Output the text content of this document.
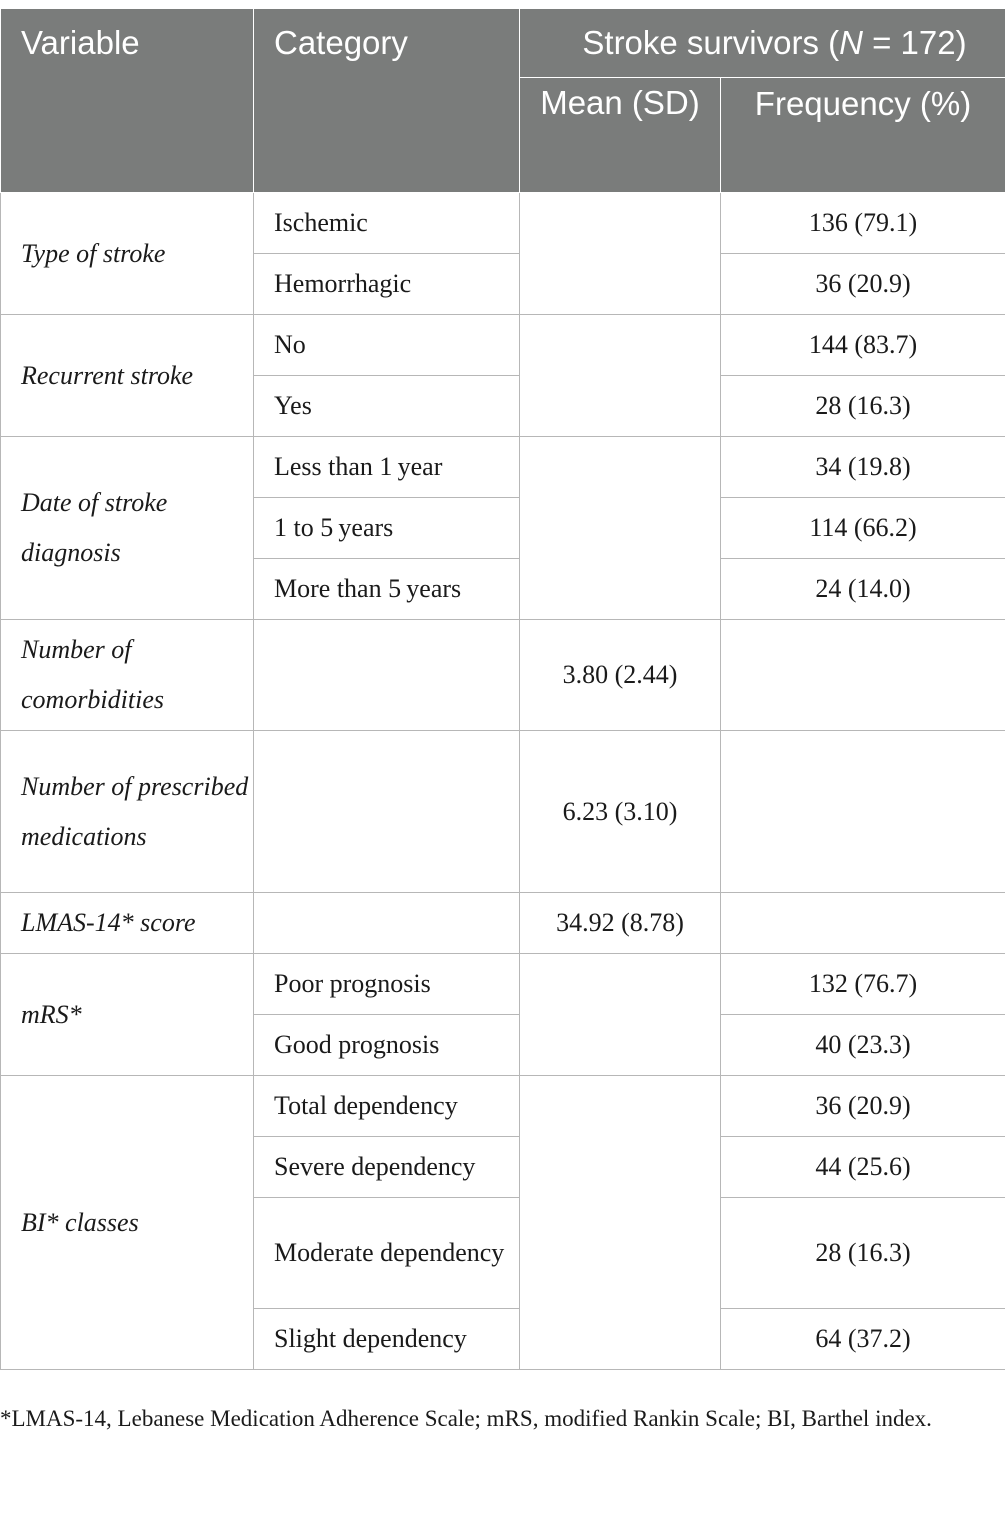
Variable	Category	Stroke survivors (N = 172)	
		Mean (SD)	Frequency (%)
Type of stroke	Ischemic		136 (79.1)
	Hemorrhagic		36 (20.9)
Recurrent stroke	No		144 (83.7)
	Yes		28 (16.3)
Date of stroke diagnosis	Less than 1 year		34 (19.8)
	1 to 5 years		114 (66.2)
	More than 5 years		24 (14.0)
Number of comorbidities		3.80 (2.44)	
Number of prescribed medications		6.23 (3.10)	
LMAS-14* score		34.92 (8.78)	
mRS*	Poor prognosis		132 (76.7)
	Good prognosis		40 (23.3)
BI* classes	Total dependency		36 (20.9)
	Severe dependency		44 (25.6)
	Moderate dependency		28 (16.3)
	Slight dependency		64 (37.2)

*LMAS-14, Lebanese Medication Adherence Scale; mRS, modified Rankin Scale; BI, Barthel index.
